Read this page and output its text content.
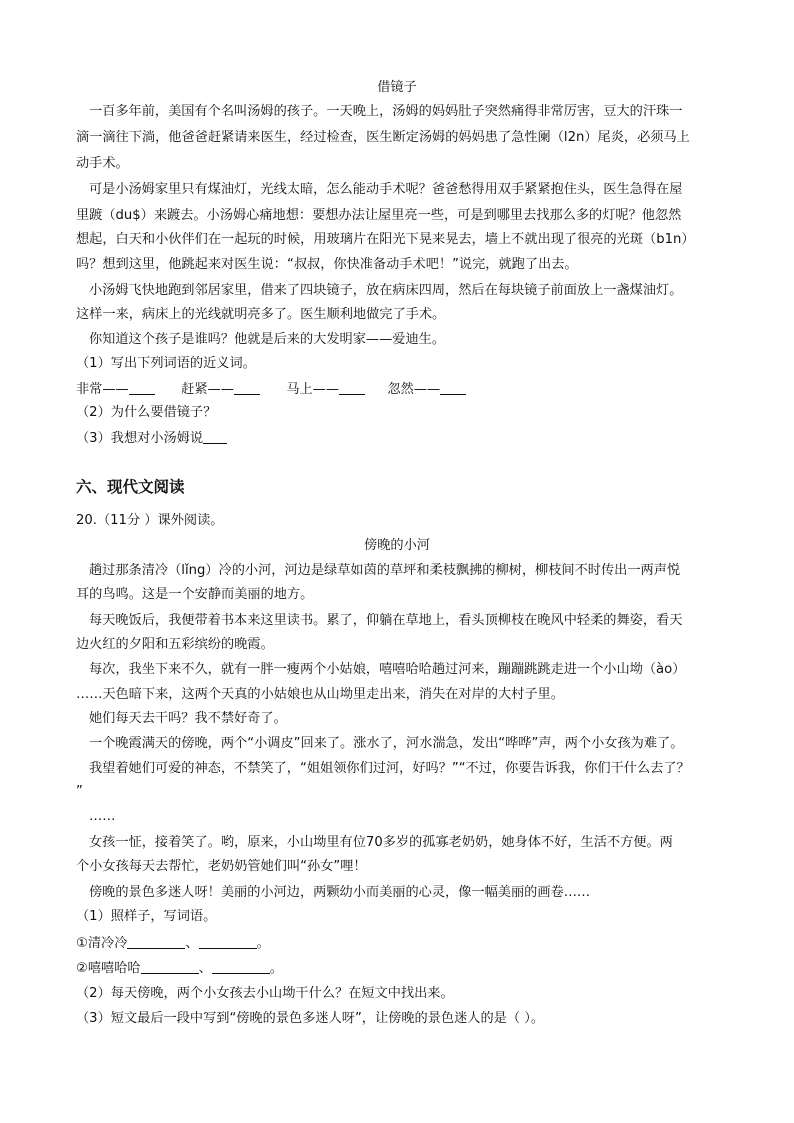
借镜子
一百多年前，美国有个名叫汤姆的孩子。一天晚上，汤姆的妈妈肚子突然痛得非常厉害，豆大的汗珠一
滴一滴往下淌，他爸爸赶紧请来医生，经过检查，医生断定汤姆的妈妈患了急性阑（l2n）尾炎，必须马上
动手术。
可是小汤姆家里只有煤油灯，光线太暗，怎么能动手术呢？爸爸愁得用双手紧紧抱住头，医生急得在屋
里踱（du$）来踱去。小汤姆心痛地想：要想办法让屋里亮一些，可是到哪里去找那么多的灯呢？他忽然
想起，白天和小伙伴们在一起玩的时候，用玻璃片在阳光下晃来晃去，墙上不就出现了很亮的光斑（b1n）
吗？想到这里，他跳起来对医生说：“叔叔，你快准备动手术吧！”说完，就跑了出去。
小汤姆飞快地跑到邻居家里，借来了四块镜子，放在病床四周，然后在每块镜子前面放上一盏煤油灯。
这样一来，病床上的光线就明亮多了。医生顺利地做完了手术。
你知道这个孩子是谁吗？他就是后来的大发明家——爱迪生。
（1）写出下列词语的近义词。
非常——	赶紧——	马上——	忽然——
（2）为什么要借镜子？
（3）我想对小汤姆说
六、现代文阅读
20.（11分 ）课外阅读。
傍晚的小河
趟过那条清冷（lǐng）冷的小河，河边是绿草如茵的草坪和柔枝飘拂的柳树，柳枝间不时传出一两声悦
耳的鸟鸣。这是一个安静而美丽的地方。
每天晚饭后，我便带着书本来这里读书。累了，仰躺在草地上，看头顶柳枝在晚风中轻柔的舞姿，看天
边火红的夕阳和五彩缤纷的晚霞。
每次，我坐下来不久，就有一胖一瘦两个小姑娘，嘻嘻哈哈趟过河来，蹦蹦跳跳走进一个小山坳（ào）
……天色暗下来，这两个天真的小姑娘也从山坳里走出来，消失在对岸的大村子里。
她们每天去干吗？我不禁好奇了。
一个晚霞满天的傍晚，两个“小调皮”回来了。涨水了，河水湍急，发出“哗哗”声，两个小女孩为难了。
我望着她们可爱的神态，不禁笑了，“姐姐领你们过河，好吗？”“不过，你要告诉我，你们干什么去了？
”
……
女孩一怔，接着笑了。哟，原来，小山坳里有位70多岁的孤寡老奶奶，她身体不好，生活不方便。两
个小女孩每天去帮忙，老奶奶管她们叫“孙女”哩！
傍晚的景色多迷人呀！美丽的小河边，两颗幼小而美丽的心灵，像一幅美丽的画卷……
（1）照样子，写词语。
①清冷冷	、	。
②嘻嘻哈哈	、	。
（2）每天傍晚，两个小女孩去小山坳干什么？在短文中找出来。
（3）短文最后一段中写到“傍晚的景色多迷人呀”，让傍晚的景色迷人的是（ ）。
